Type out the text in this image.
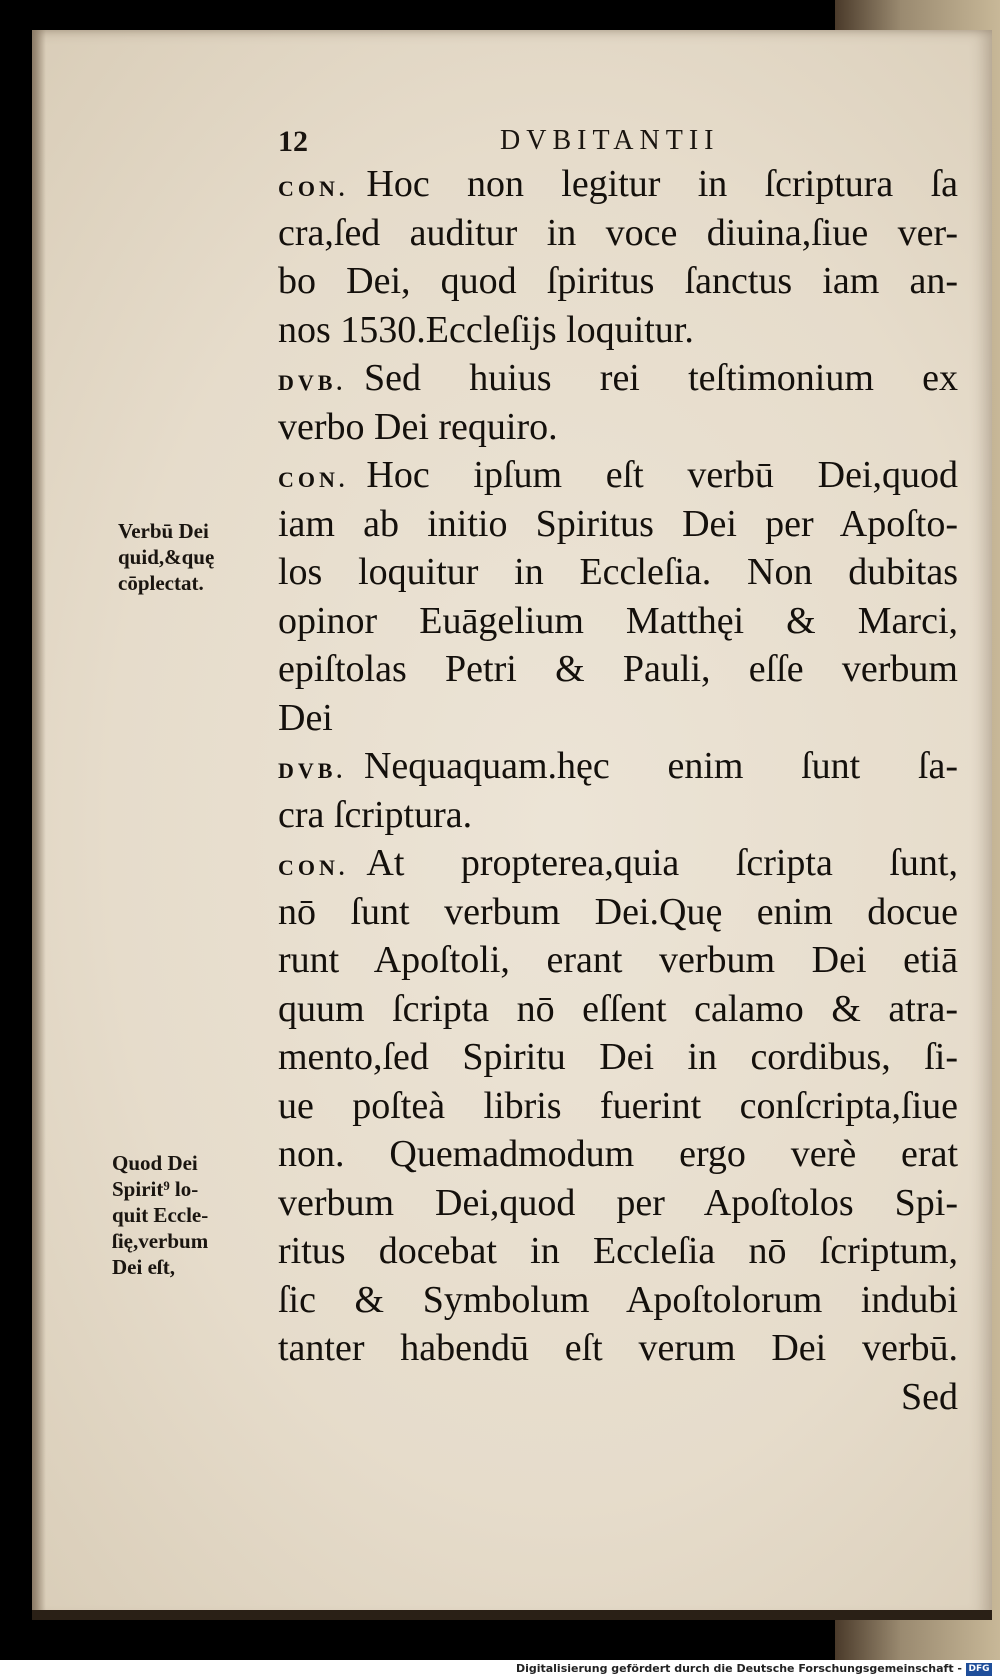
12	DVBITANTII
CON. Hoc non legitur in ſcriptura ſa
cra,ſed auditur in voce diuina,ſiue ver-
bo Dei, quod ſpiritus ſanctus iam an-
nos 1530.Eccleſijs loquitur.
DVB. Sed huius rei teſtimonium ex
verbo Dei requiro.
CON. Hoc ipſum eſt verbū Dei,quod
iam ab initio Spiritus Dei per Apoſto-
los loquitur in Eccleſia. Non dubitas
opinor Euāgelium Matthęi & Marci,
epiſtolas Petri & Pauli, eſſe verbum
Dei
DVB. Nequaquam.hęc enim ſunt ſa-
cra ſcriptura.
CON. At propterea,quia ſcripta ſunt,
nō ſunt verbum Dei.Quę enim docue
runt Apoſtoli, erant verbum Dei etiā
quum ſcripta nō eſſent calamo & atra-
mento,ſed Spiritu Dei in cordibus, ſi-
ue poſteà libris fuerint conſcripta,ſiue
non. Quemadmodum ergo verè erat
verbum Dei,quod per Apoſtolos Spi-
ritus docebat in Eccleſia nō ſcriptum,
ſic & Symbolum Apoſtolorum indubi
tanter habendū eſt verum Dei verbū.
Sed
Verbū Dei
quid,&quę
cōplectat.
Quod Dei
Spirit⁹ lo-
quit Eccle-
ſię,verbum
Dei eſt,
Digitalisierung gefördert durch die Deutsche Forschungsgemeinschaft - DFG
